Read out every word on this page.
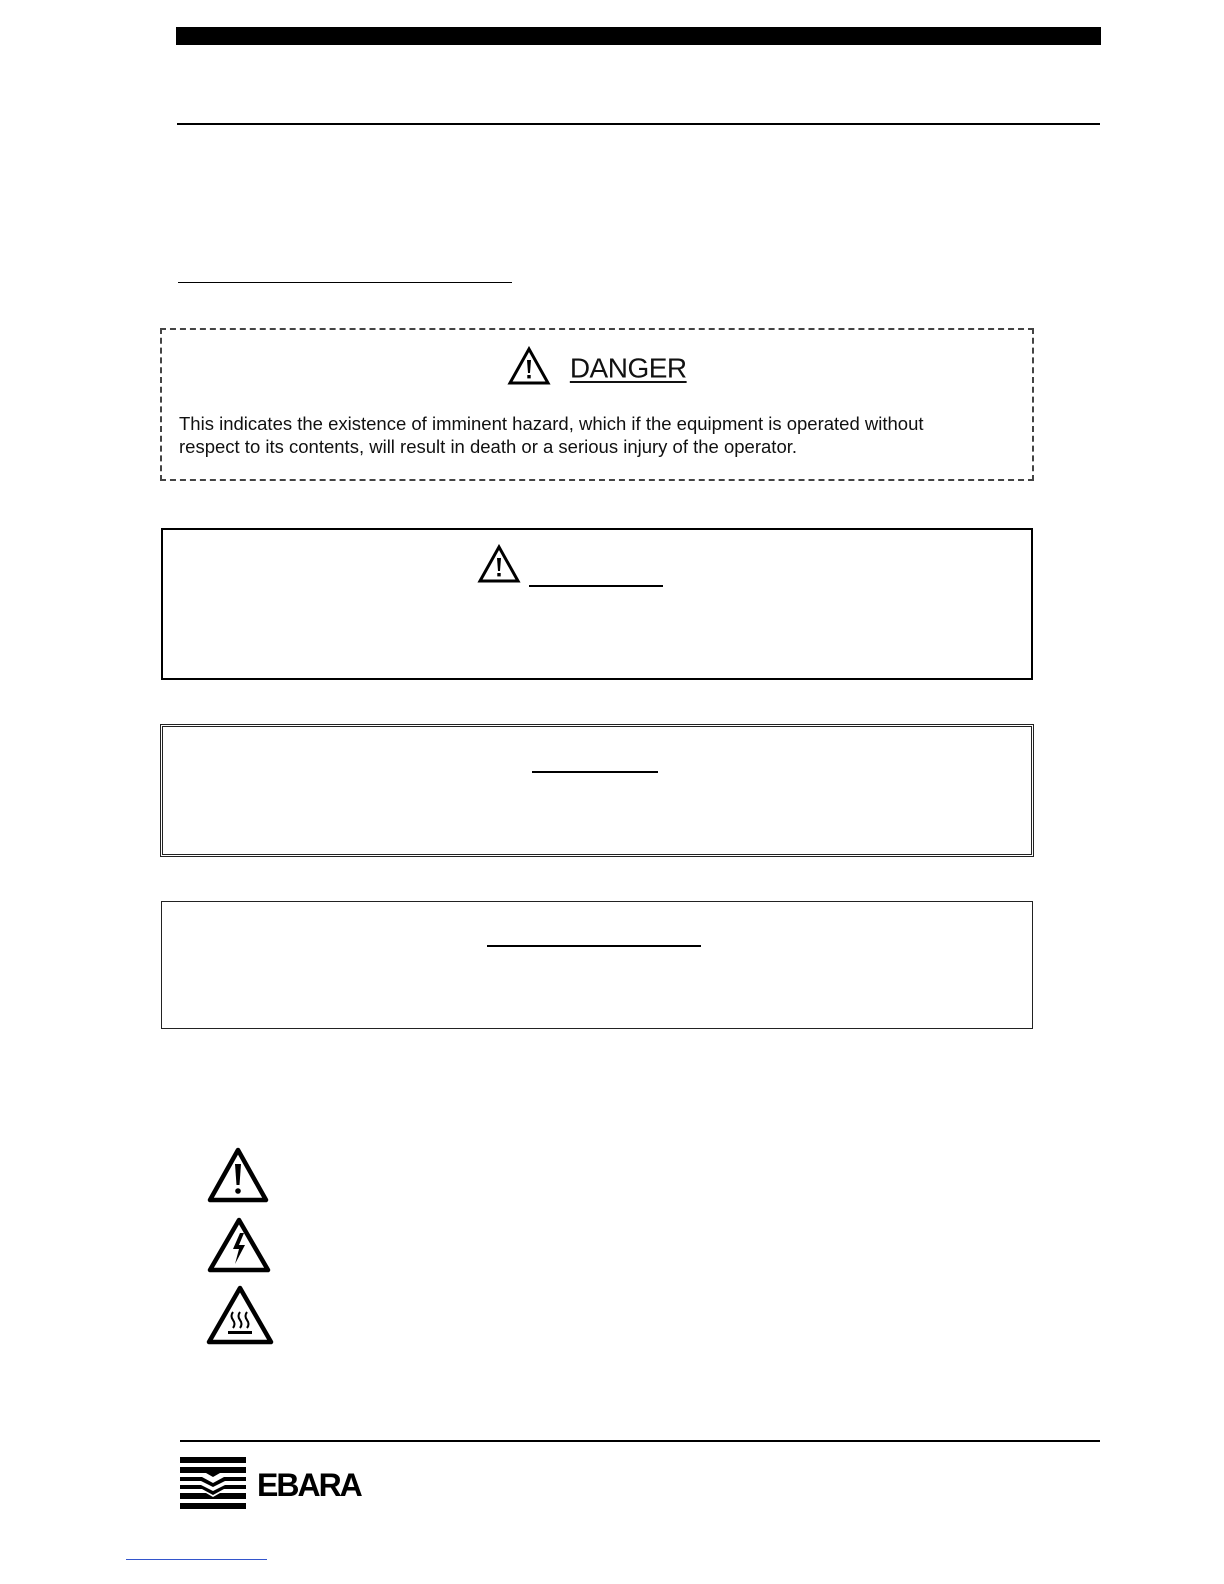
DANGER
This indicates the existence of imminent hazard, which if the equipment is operated without
respect to its contents, will result in death or a serious injury of the operator.
EBARA
